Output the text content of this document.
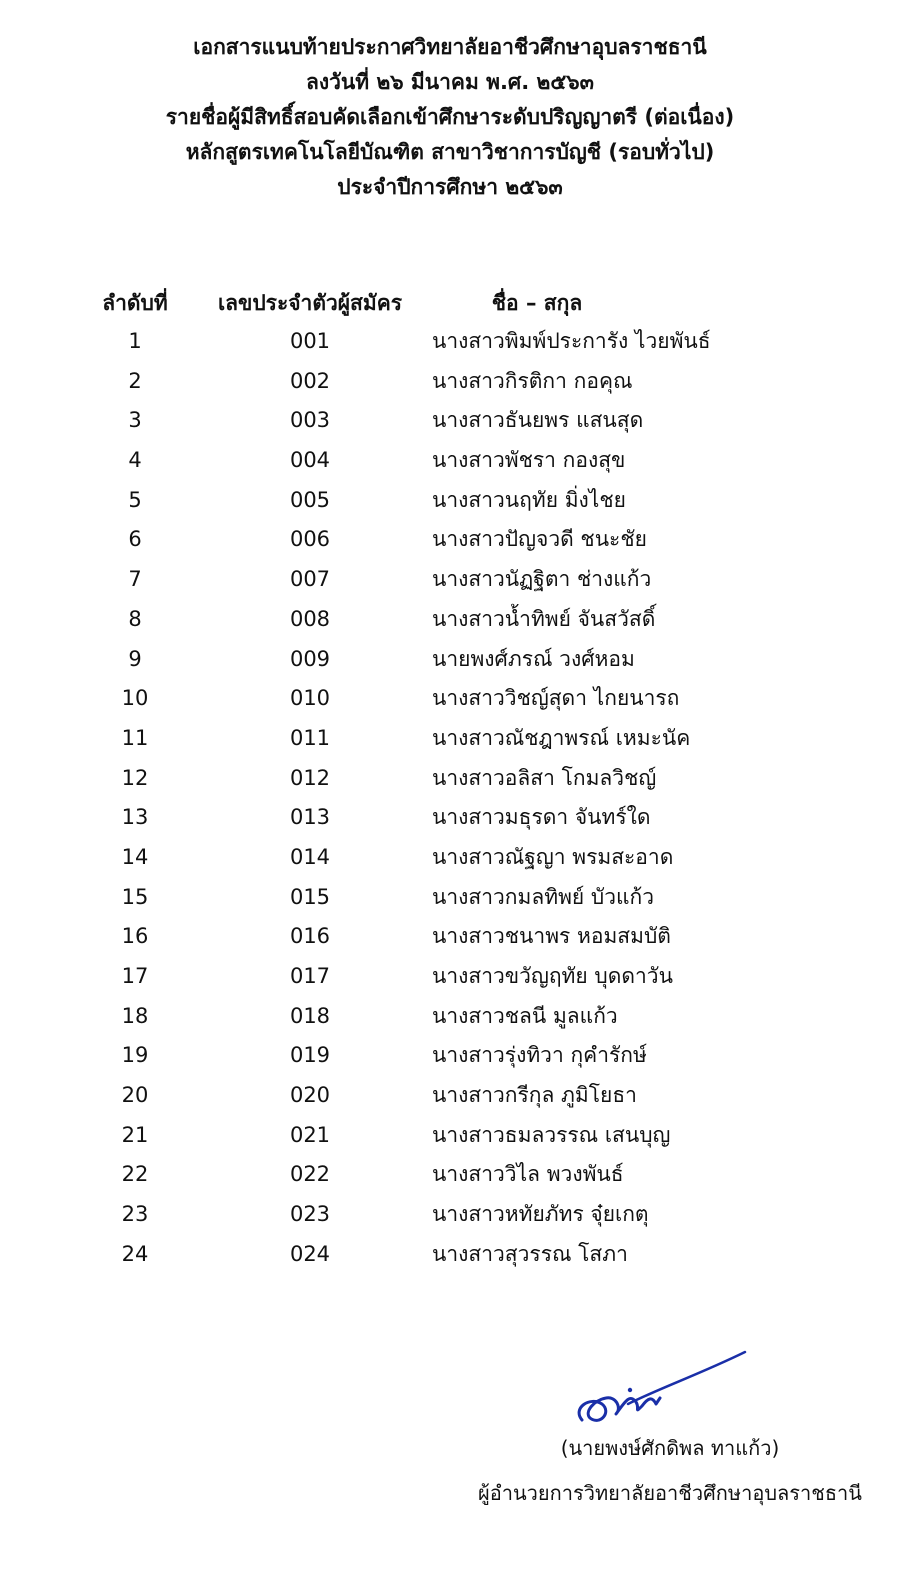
เอกสารแนบท้ายประกาศวิทยาลัยอาชีวศึกษาอุบลราชธานี
ลงวันที่ ๒๖ มีนาคม พ.ศ. ๒๕๖๓
รายชื่อผู้มีสิทธิ์สอบคัดเลือกเข้าศึกษาระดับปริญญาตรี (ต่อเนื่อง)
หลักสูตรเทคโนโลยีบัณฑิต สาขาวิชาการบัญชี (รอบทั่วไป)
ประจำปีการศึกษา ๒๕๖๓
ลำดับที่	เลขประจำตัวผู้สมัคร	ชื่อ – สกุล
1	001	นางสาวพิมพ์ประการัง ไวยพันธ์
2	002	นางสาวกิรติกา กอคุณ
3	003	นางสาวธันยพร แสนสุด
4	004	นางสาวพัชรา กองสุข
5	005	นางสาวนฤทัย มิ่งไชย
6	006	นางสาวปัญจวดี ชนะชัย
7	007	นางสาวนัฏฐิตา ช่างแก้ว
8	008	นางสาวน้ำทิพย์ จันสวัสดิ์
9	009	นายพงศ์ภรณ์ วงศ์หอม
10	010	นางสาววิชญ์สุดา ไกยนารถ
11	011	นางสาวณัชฎาพรณ์ เหมะนัค
12	012	นางสาวอลิสา โกมลวิชญ์
13	013	นางสาวมธุรดา จันทร์ใด
14	014	นางสาวณัฐญา พรมสะอาด
15	015	นางสาวกมลทิพย์ บัวแก้ว
16	016	นางสาวชนาพร หอมสมบัติ
17	017	นางสาวขวัญฤทัย บุดดาวัน
18	018	นางสาวชลนี มูลแก้ว
19	019	นางสาวรุ่งทิวา กุคำรักษ์
20	020	นางสาวกรีกุล ภูมิโยธา
21	021	นางสาวธมลวรรณ เสนบุญ
22	022	นางสาววิไล พวงพันธ์
23	023	นางสาวหทัยภัทร จุ๋ยเกตุ
24	024	นางสาวสุวรรณ โสภา
(นายพงษ์ศักดิพล ทาแก้ว)
ผู้อำนวยการวิทยาลัยอาชีวศึกษาอุบลราชธานี
